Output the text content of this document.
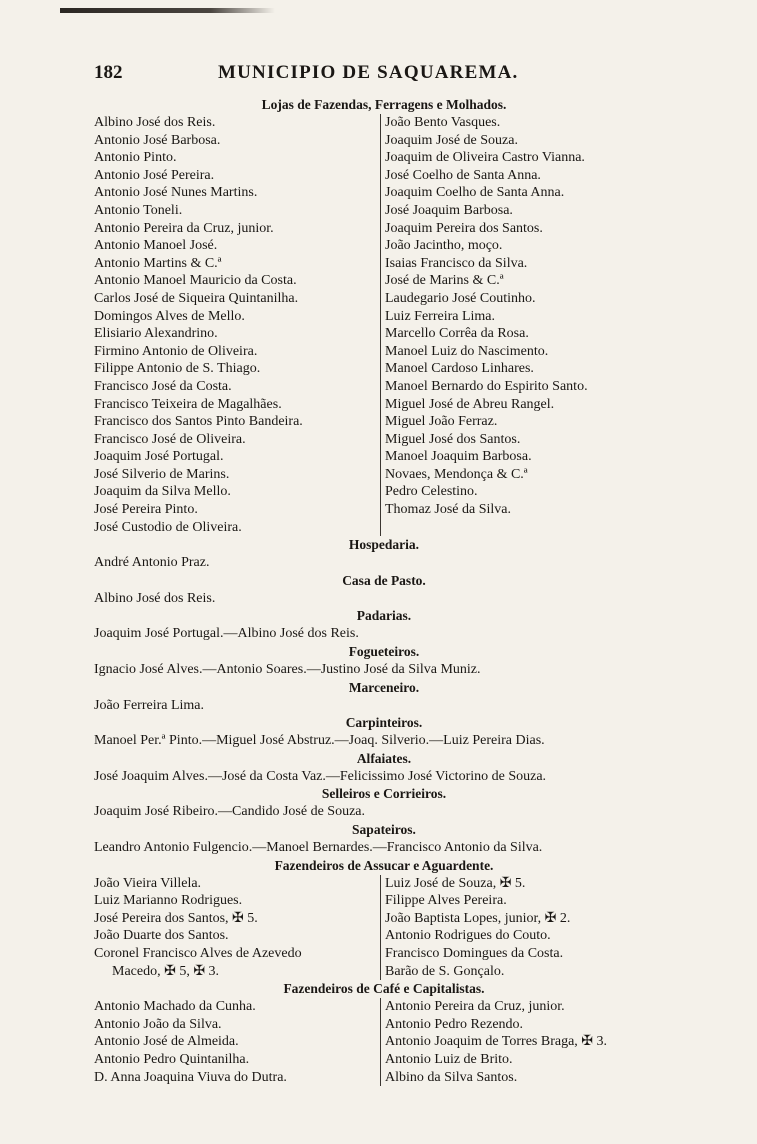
182	MUNICIPIO DE SAQUAREMA.
Lojas de Fazendas, Ferragens e Molhados.
Albino José dos Reis.
Antonio José Barbosa.
Antonio Pinto.
Antonio José Pereira.
Antonio José Nunes Martins.
Antonio Toneli.
Antonio Pereira da Cruz, junior.
Antonio Manoel José.
Antonio Martins & C.ª
Antonio Manoel Mauricio da Costa.
Carlos José de Siqueira Quintanilha.
Domingos Alves de Mello.
Elisiario Alexandrino.
Firmino Antonio de Oliveira.
Filippe Antonio de S. Thiago.
Francisco José da Costa.
Francisco Teixeira de Magalhães.
Francisco dos Santos Pinto Bandeira.
Francisco José de Oliveira.
Joaquim José Portugal.
José Silverio de Marins.
Joaquim da Silva Mello.
José Pereira Pinto.
José Custodio de Oliveira.
João Bento Vasques.
Joaquim José de Souza.
Joaquim de Oliveira Castro Vianna.
José Coelho de Santa Anna.
Joaquim Coelho de Santa Anna.
José Joaquim Barbosa.
Joaquim Pereira dos Santos.
João Jacintho, moço.
Isaias Francisco da Silva.
José de Marins & C.ª
Laudegario José Coutinho.
Luiz Ferreira Lima.
Marcello Corrêa da Rosa.
Manoel Luiz do Nascimento.
Manoel Cardoso Linhares.
Manoel Bernardo do Espirito Santo.
Miguel José de Abreu Rangel.
Miguel João Ferraz.
Miguel José dos Santos.
Manoel Joaquim Barbosa.
Novaes, Mendonça & C.ª
Pedro Celestino.
Thomaz José da Silva.
Hospedaria.
André Antonio Praz.
Casa de Pasto.
Albino José dos Reis.
Padarias.
Joaquim José Portugal.—Albino José dos Reis.
Fogueteiros.
Ignacio José Alves.—Antonio Soares.—Justino José da Silva Muniz.
Marceneiro.
João Ferreira Lima.
Carpinteiros.
Manoel Per.ª Pinto.—Miguel José Abstruz.—Joaq. Silverio.—Luiz Pereira Dias.
Alfaiates.
José Joaquim Alves.—José da Costa Vaz.—Felicissimo José Victorino de Souza.
Selleiros e Corrieiros.
Joaquim José Ribeiro.—Candido José de Souza.
Sapateiros.
Leandro Antonio Fulgencio.—Manoel Bernardes.—Francisco Antonio da Silva.
Fazendeiros de Assucar e Aguardente.
João Vieira Villela.
Luiz Marianno Rodrigues.
José Pereira dos Santos, ✠ 5.
João Duarte dos Santos.
Coronel Francisco Alves de Azevedo
Macedo, ✠ 5, ✠ 3.
Luiz José de Souza, ✠ 5.
Filippe Alves Pereira.
João Baptista Lopes, junior, ✠ 2.
Antonio Rodrigues do Couto.
Francisco Domingues da Costa.
Barão de S. Gonçalo.
Fazendeiros de Café e Capitalistas.
Antonio Machado da Cunha.
Antonio João da Silva.
Antonio José de Almeida.
Antonio Pedro Quintanilha.
D. Anna Joaquina Viuva do Dutra.
Antonio Pereira da Cruz, junior.
Antonio Pedro Rezendo.
Antonio Joaquim de Torres Braga, ✠ 3.
Antonio Luiz de Brito.
Albino da Silva Santos.
